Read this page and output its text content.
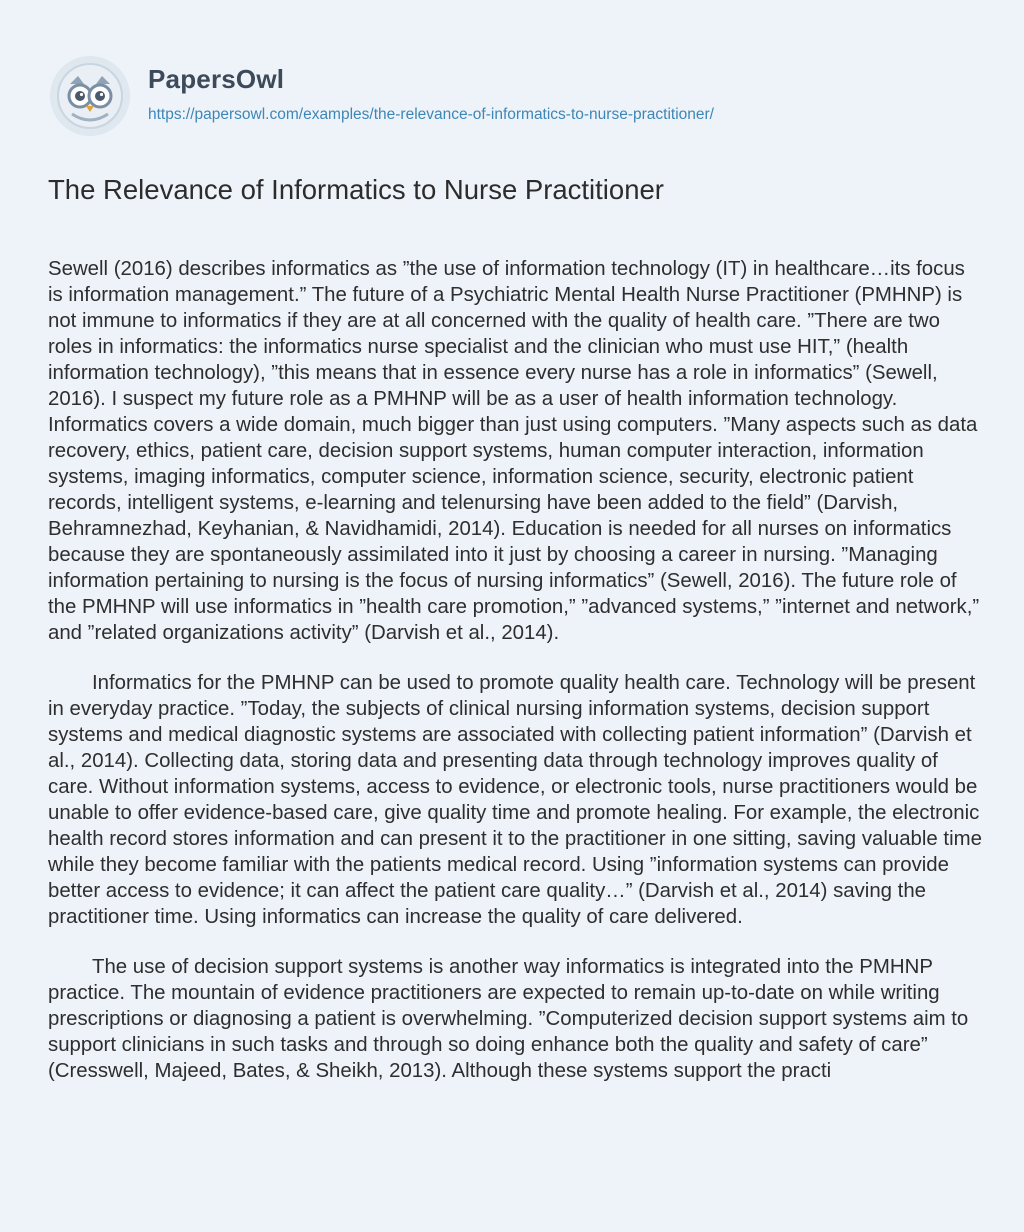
PapersOwl
https://papersowl.com/examples/the-relevance-of-informatics-to-nurse-practitioner/
The Relevance of Informatics to Nurse Practitioner

Sewell (2016) describes informatics as ”the use of information technology (IT) in healthcare…its focus is information management.” The future of a Psychiatric Mental Health Nurse Practitioner (PMHNP) is not immune to informatics if they are at all concerned with the quality of health care. ”There are two roles in informatics: the informatics nurse specialist and the clinician who must use HIT,” (health information technology), ”this means that in essence every nurse has a role in informatics” (Sewell, 2016). I suspect my future role as a PMHNP will be as a user of health information technology. Informatics covers a wide domain, much bigger than just using computers. ”Many aspects such as data recovery, ethics, patient care, decision support systems, human computer interaction, information systems, imaging informatics, computer science, information science, security, electronic patient records, intelligent systems, e-learning and telenursing have been added to the field” (Darvish, Behramnezhad, Keyhanian, & Navidhamidi, 2014). Education is needed for all nurses on informatics because they are spontaneously assimilated into it just by choosing a career in nursing. ”Managing information pertaining to nursing is the focus of nursing informatics” (Sewell, 2016). The future role of the PMHNP will use informatics in ”health care promotion,” ”advanced systems,” ”internet and network,” and ”related organizations activity” (Darvish et al., 2014).

Informatics for the PMHNP can be used to promote quality health care. Technology will be present in everyday practice. ”Today, the subjects of clinical nursing information systems, decision support systems and medical diagnostic systems are associated with collecting patient information” (Darvish et al., 2014). Collecting data, storing data and presenting data through technology improves quality of care. Without information systems, access to evidence, or electronic tools, nurse practitioners would be unable to offer evidence-based care, give quality time and promote healing. For example, the electronic health record stores information and can present it to the practitioner in one sitting, saving valuable time while they become familiar with the patients medical record. Using ”information systems can provide better access to evidence; it can affect the patient care quality…” (Darvish et al., 2014) saving the practitioner time. Using informatics can increase the quality of care delivered.

The use of decision support systems is another way informatics is integrated into the PMHNP practice. The mountain of evidence practitioners are expected to remain up-to-date on while writing prescriptions or diagnosing a patient is overwhelming. ”Computerized decision support systems aim to support clinicians in such tasks and through so doing enhance both the quality and safety of care” (Cresswell, Majeed, Bates, & Sheikh, 2013). Although these systems support the practi
